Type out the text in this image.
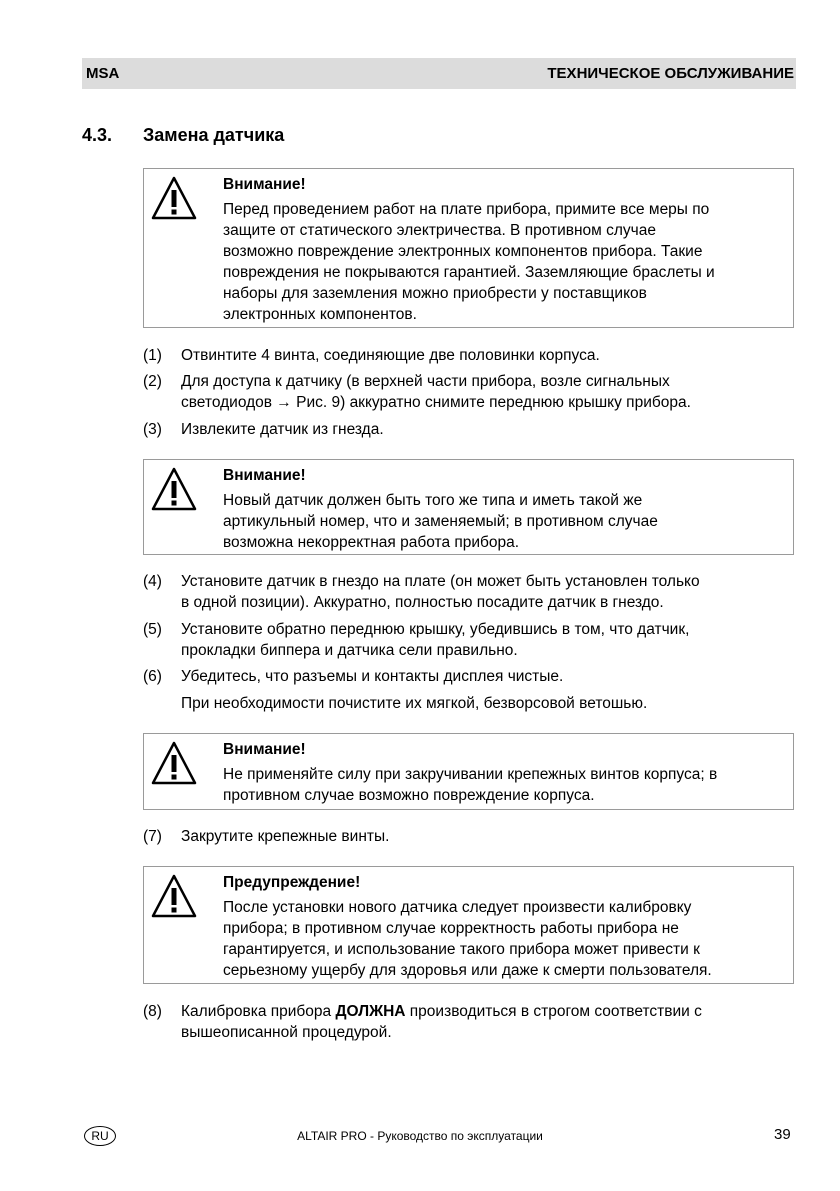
MSA	ТЕХНИЧЕСКОЕ ОБСЛУЖИВАНИЕ
4.3. Замена датчика
Внимание!
Перед проведением работ на плате прибора, примите все меры по
защите от статического электричества. В противном случае
возможно повреждение электронных компонентов прибора. Такие
повреждения не покрываются гарантией. Заземляющие браслеты и
наборы для заземления можно приобрести у поставщиков
электронных компонентов.
(1) Отвинтите 4 винта, соединяющие две половинки корпуса.
(2) Для доступа к датчику (в верхней части прибора, возле сигнальных
светодиодов → Рис. 9) аккуратно снимите переднюю крышку прибора.
(3) Извлеките датчик из гнезда.
Внимание!
Новый датчик должен быть того же типа и иметь такой же
артикульный номер, что и заменяемый; в противном случае
возможна некорректная работа прибора.
(4) Установите датчик в гнездо на плате (он может быть установлен только
в одной позиции). Аккуратно, полностью посадите датчик в гнездо.
(5) Установите обратно переднюю крышку, убедившись в том, что датчик,
прокладки биппера и датчика сели правильно.
(6) Убедитесь, что разъемы и контакты дисплея чистые.
При необходимости почистите их мягкой, безворсовой ветошью.
Внимание!
Не применяйте силу при закручивании крепежных винтов корпуса; в
противном случае возможно повреждение корпуса.
(7) Закрутите крепежные винты.
Предупреждение!
После установки нового датчика следует произвести калибровку
прибора; в противном случае корректность работы прибора не
гарантируется, и использование такого прибора может привести к
серьезному ущербу для здоровья или даже к смерти пользователя.
(8) Калибровка прибора ДОЛЖНА производиться в строгом соответствии с
вышеописанной процедурой.
RU	ALTAIR PRO - Руководство по эксплуатации	39
